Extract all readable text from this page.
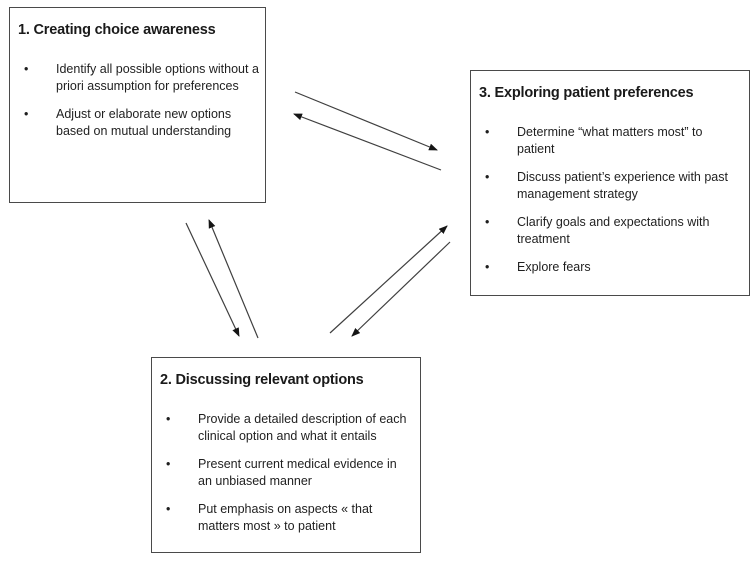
1. Creating choice awareness
• Identify all possible options without a priori assumption for preferences
• Adjust or elaborate new options based on mutual understanding
3. Exploring patient preferences
• Determine “what matters most” to patient
• Discuss patient’s experience with past management strategy
• Clarify goals and expectations with treatment
• Explore fears
2. Discussing relevant options
• Provide a detailed description of each clinical option and what it entails
• Present current medical evidence in an unbiased manner
• Put emphasis on aspects « that matters most » to patient
